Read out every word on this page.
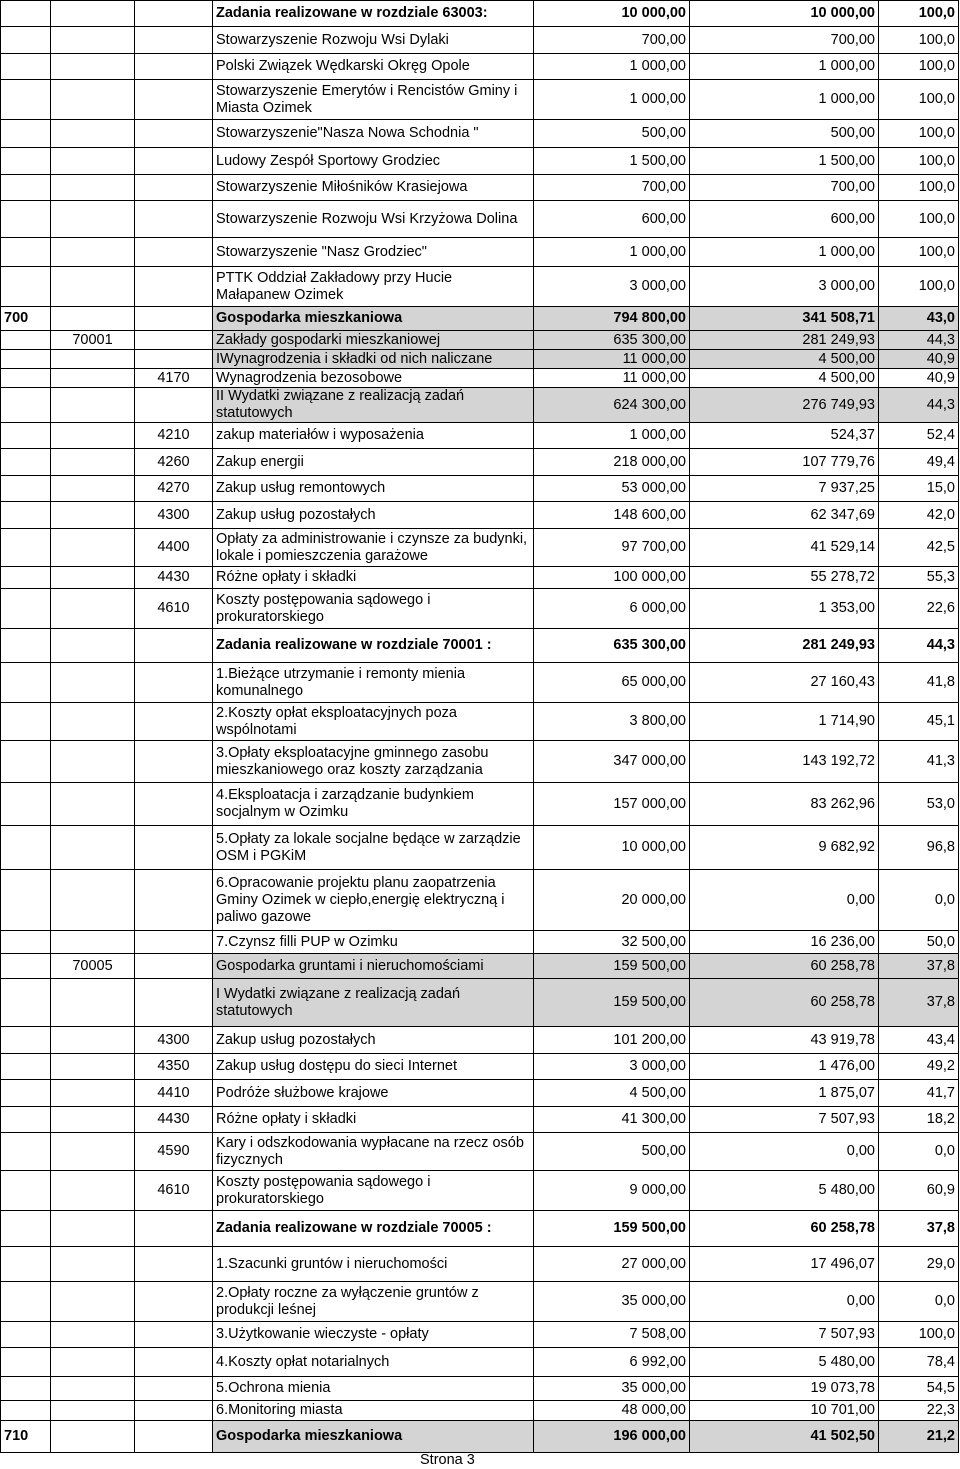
			Zadania realizowane w rozdziale 63003:	10 000,00	10 000,00	100,0
			Stowarzyszenie Rozwoju Wsi Dylaki	700,00	700,00	100,0
			Polski Związek Wędkarski Okręg Opole	1 000,00	1 000,00	100,0
			Stowarzyszenie Emerytów i Rencistów Gminy i Miasta Ozimek	1 000,00	1 000,00	100,0
			Stowarzyszenie"Nasza Nowa Schodnia "	500,00	500,00	100,0
			Ludowy Zespół Sportowy Grodziec	1 500,00	1 500,00	100,0
			Stowarzyszenie Miłośników Krasiejowa	700,00	700,00	100,0
			Stowarzyszenie Rozwoju Wsi Krzyżowa Dolina	600,00	600,00	100,0
			Stowarzyszenie "Nasz Grodziec"	1 000,00	1 000,00	100,0
			PTTK Oddział Zakładowy przy Hucie Małapanew Ozimek	3 000,00	3 000,00	100,0
700			Gospodarka mieszkaniowa	794 800,00	341 508,71	43,0
	70001		Zakłady gospodarki mieszkaniowej	635 300,00	281 249,93	44,3
			IWynagrodzenia i składki od nich naliczane	11 000,00	4 500,00	40,9
		4170	Wynagrodzenia bezosobowe	11 000,00	4 500,00	40,9
			II Wydatki związane z realizacją zadań statutowych	624 300,00	276 749,93	44,3
		4210	zakup materiałów i wyposażenia	1 000,00	524,37	52,4
		4260	Zakup energii	218 000,00	107 779,76	49,4
		4270	Zakup usług remontowych	53 000,00	7 937,25	15,0
		4300	Zakup usług pozostałych	148 600,00	62 347,69	42,0
		4400	Opłaty za administrowanie i czynsze za budynki, lokale i pomieszczenia garażowe	97 700,00	41 529,14	42,5
		4430	Różne opłaty i składki	100 000,00	55 278,72	55,3
		4610	Koszty postępowania sądowego i prokuratorskiego	6 000,00	1 353,00	22,6
			Zadania realizowane w rozdziale 70001 :	635 300,00	281 249,93	44,3
			1.Bieżące utrzymanie i remonty mienia komunalnego	65 000,00	27 160,43	41,8
			2.Koszty opłat eksploatacyjnych poza wspólnotami	3 800,00	1 714,90	45,1
			3.Opłaty eksploatacyjne gminnego zasobu mieszkaniowego oraz koszty zarządzania	347 000,00	143 192,72	41,3
			4.Eksploatacja i zarządzanie budynkiem socjalnym w Ozimku	157 000,00	83 262,96	53,0
			5.Opłaty za lokale socjalne będące w zarządzie OSM i PGKiM	10 000,00	9 682,92	96,8
			6.Opracowanie projektu planu zaopatrzenia Gminy Ozimek w ciepło,energię elektryczną i paliwo gazowe	20 000,00	0,00	0,0
			7.Czynsz filli PUP w Ozimku	32 500,00	16 236,00	50,0
	70005		Gospodarka gruntami i nieruchomościami	159 500,00	60 258,78	37,8
			I Wydatki związane z realizacją zadań statutowych	159 500,00	60 258,78	37,8
		4300	Zakup usług pozostałych	101 200,00	43 919,78	43,4
		4350	Zakup usług dostępu do sieci Internet	3 000,00	1 476,00	49,2
		4410	Podróże służbowe krajowe	4 500,00	1 875,07	41,7
		4430	Różne opłaty i składki	41 300,00	7 507,93	18,2
		4590	Kary i odszkodowania wypłacane na rzecz osób fizycznych	500,00	0,00	0,0
		4610	Koszty postępowania sądowego i prokuratorskiego	9 000,00	5 480,00	60,9
			Zadania realizowane w rozdziale 70005 :	159 500,00	60 258,78	37,8
			1.Szacunki gruntów i nieruchomości	27 000,00	17 496,07	29,0
			2.Opłaty roczne za wyłączenie gruntów z produkcji leśnej	35 000,00	0,00	0,0
			3.Użytkowanie wieczyste - opłaty	7 508,00	7 507,93	100,0
			4.Koszty opłat notarialnych	6 992,00	5 480,00	78,4
			5.Ochrona mienia	35 000,00	19 073,78	54,5
			6.Monitoring miasta	48 000,00	10 701,00	22,3
710			Gospodarka mieszkaniowa	196 000,00	41 502,50	21,2
Strona 3
